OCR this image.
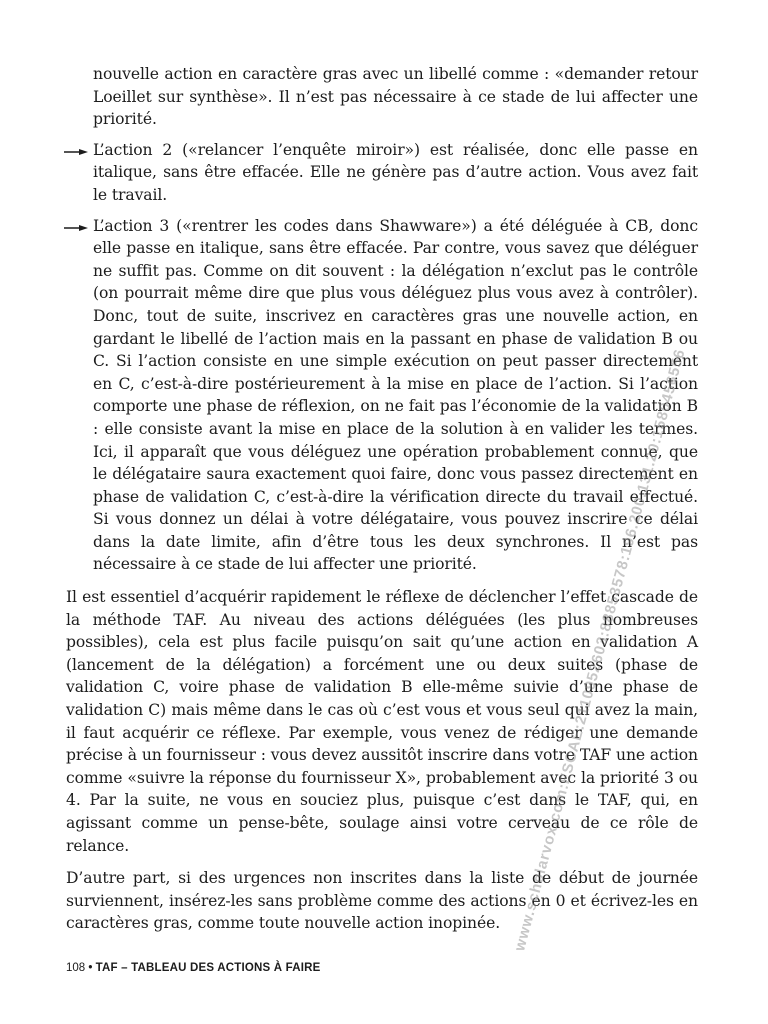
nouvelle action en caractère gras avec un libellé comme : «demander retour Loeillet sur synthèse». Il n’est pas nécessaire à ce stade de lui affecter une priorité.

L’action 2 («relancer l’enquête miroir») est réalisée, donc elle passe en italique, sans être effacée. Elle ne génère pas d’autre action. Vous avez fait le travail.

L’action 3 («rentrer les codes dans Shawware») a été déléguée à CB, donc elle passe en italique, sans être effacée. Par contre, vous savez que déléguer ne suffit pas. Comme on dit souvent : la délégation n’exclut pas le contrôle (on pourrait même dire que plus vous déléguez plus vous avez à contrôler). Donc, tout de suite, inscrivez en caractères gras une nouvelle action, en gardant le libellé de l’action mais en la passant en phase de validation B ou C. Si l’action consiste en une simple exécution on peut passer directement en C, c’est-à-dire postérieurement à la mise en place de l’action. Si l’action comporte une phase de réflexion, on ne fait pas l’économie de la validation B : elle consiste avant la mise en place de la solution à en valider les termes. Ici, il apparaît que vous déléguez une opération probablement connue, que le délégataire saura exactement quoi faire, donc vous passez directement en phase de validation C, c’est-à-dire la vérification directe du travail effectué. Si vous donnez un délai à votre délégataire, vous pouvez inscrire ce délai dans la date limite, afin d’être tous les deux synchrones. Il n’est pas nécessaire à ce stade de lui affecter une priorité.

Il est essentiel d’acquérir rapidement le réflexe de déclencher l’effet cascade de la méthode TAF. Au niveau des actions déléguées (les plus nombreuses possibles), cela est plus facile puisqu’on sait qu’une action en validation A (lancement de la délégation) a forcément une ou deux suites (phase de validation C, voire phase de validation B elle-même suivie d’une phase de validation C) mais même dans le cas où c’est vous et vous seul qui avez la main, il faut acquérir ce réflexe. Par exemple, vous venez de rédiger une demande précise à un fournisseur : vous devez aussitôt inscrire dans votre TAF une action comme «suivre la réponse du fournisseur X», probablement avec la priorité 3 ou 4. Par la suite, ne vous en souciez plus, puisque c’est dans le TAF, qui, en agissant comme un pense-bête, soulage ainsi votre cerveau de ce rôle de relance.

D’autre part, si des urgences non inscrites dans la liste de début de journée surviennent, insérez-les sans problème comme des actions en 0 et écrivez-les en caractères gras, comme toute nouvelle action inopinée.

108 • TAF – TABLEAU DES ACTIONS À FAIRE
www.scholarvox.com:ESCAE:2110952603:88853578:196.200.131.20:1580456556
